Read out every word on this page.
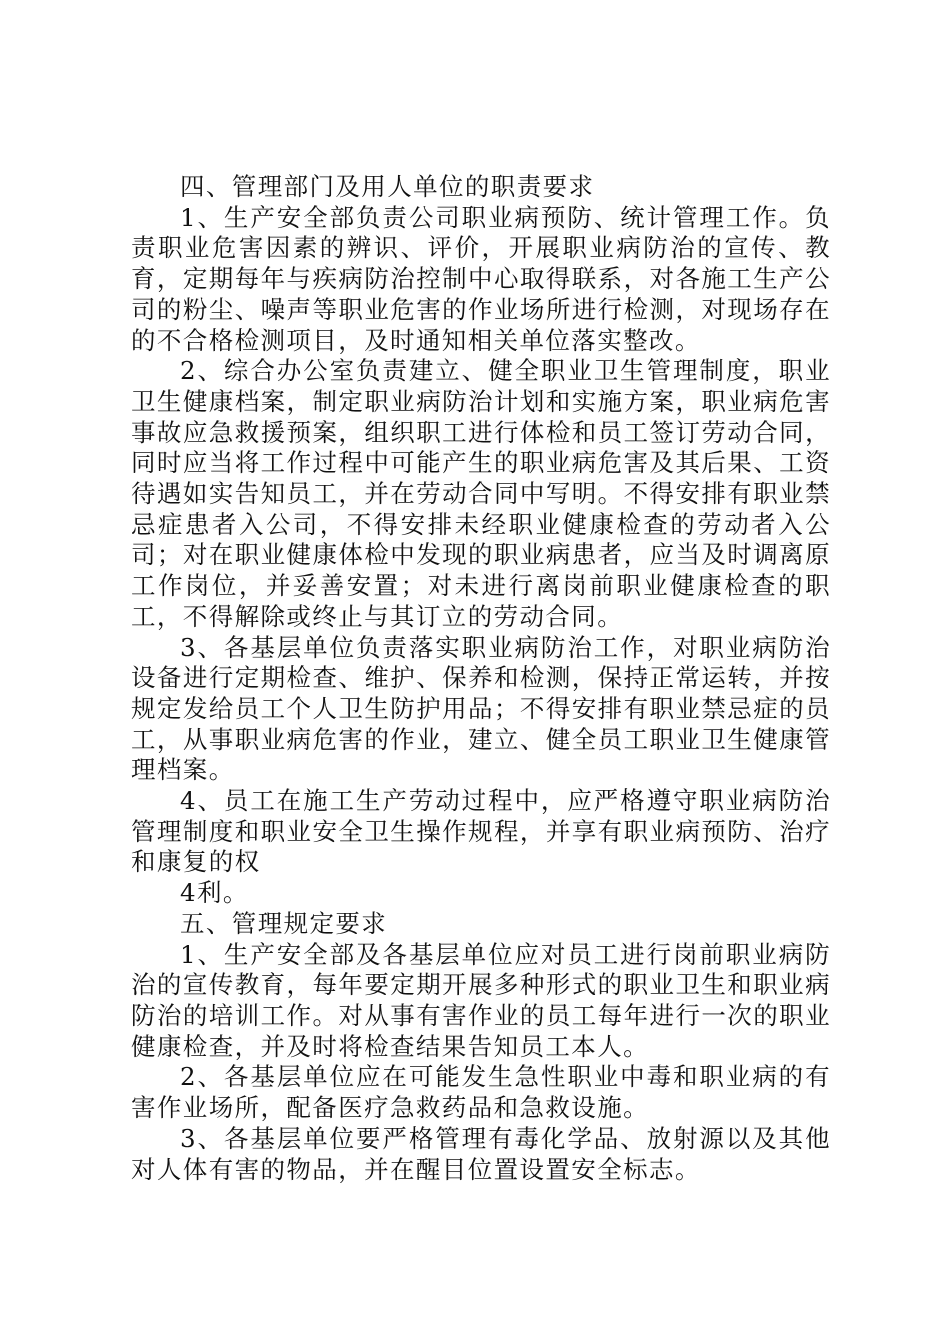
四、管理部门及用人单位的职责要求

1、生产安全部负责公司职业病预防、统计管理工作。负责职业危害因素的辨识、评价，开展职业病防治的宣传、教育，定期每年与疾病防治控制中心取得联系，对各施工生产公司的粉尘、噪声等职业危害的作业场所进行检测，对现场存在的不合格检测项目，及时通知相关单位落实整改。

2、综合办公室负责建立、健全职业卫生管理制度，职业卫生健康档案，制定职业病防治计划和实施方案，职业病危害事故应急救援预案，组织职工进行体检和员工签订劳动合同，同时应当将工作过程中可能产生的职业病危害及其后果、工资待遇如实告知员工，并在劳动合同中写明。不得安排有职业禁忌症患者入公司，不得安排未经职业健康检查的劳动者入公司；对在职业健康体检中发现的职业病患者，应当及时调离原工作岗位，并妥善安置；对未进行离岗前职业健康检查的职工，不得解除或终止与其订立的劳动合同。

3、各基层单位负责落实职业病防治工作，对职业病防治设备进行定期检查、维护、保养和检测，保持正常运转，并按规定发给员工个人卫生防护用品；不得安排有职业禁忌症的员工，从事职业病危害的作业，建立、健全员工职业卫生健康管理档案。

4、员工在施工生产劳动过程中，应严格遵守职业病防治管理制度和职业安全卫生操作规程，并享有职业病预防、治疗和康复的权

4利。

五、管理规定要求

1、生产安全部及各基层单位应对员工进行岗前职业病防治的宣传教育，每年要定期开展多种形式的职业卫生和职业病防治的培训工作。对从事有害作业的员工每年进行一次的职业健康检查，并及时将检查结果告知员工本人。

2、各基层单位应在可能发生急性职业中毒和职业病的有害作业场所，配备医疗急救药品和急救设施。

3、各基层单位要严格管理有毒化学品、放射源以及其他对人体有害的物品，并在醒目位置设置安全标志。
